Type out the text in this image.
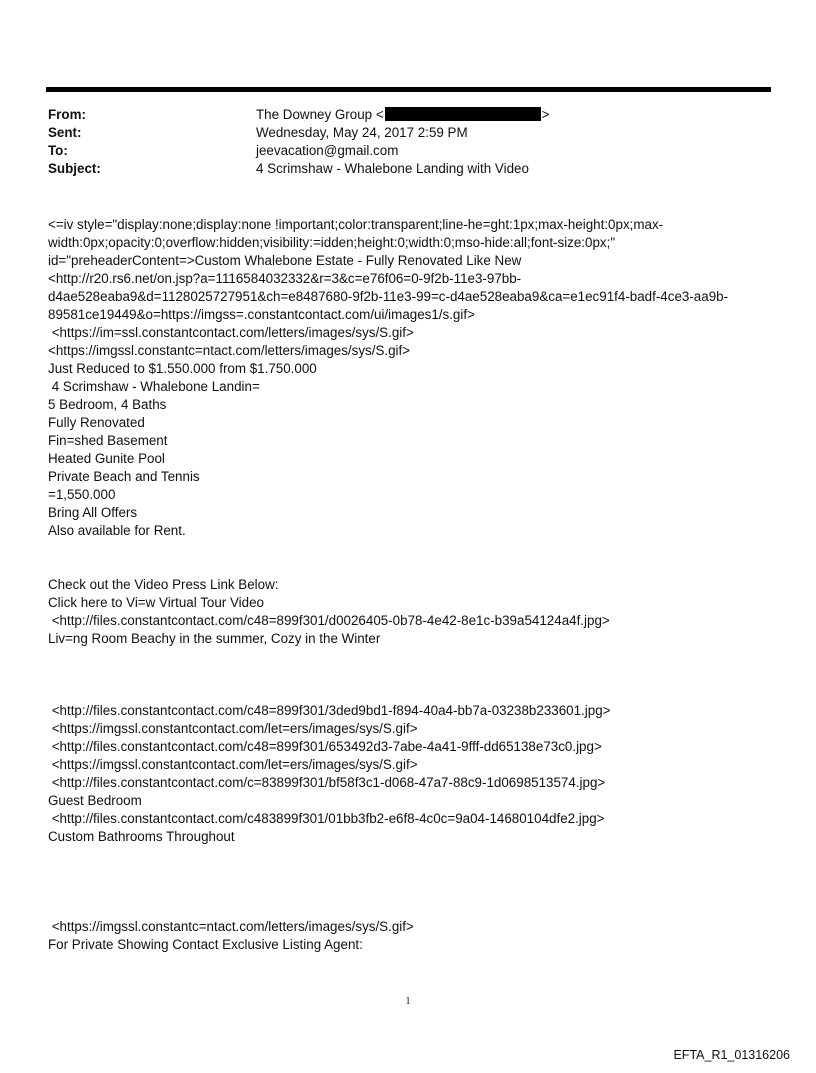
From:	The Downey Group <	>
Sent:	Wednesday, May 24, 2017 2:59 PM
To:	jeevacation@gmail.com
Subject:	4 Scrimshaw - Whalebone Landing with Video

<=iv style="display:none;display:none !important;color:transparent;line-he=ght:1px;max-height:0px;max-

width:0px;opacity:0;overflow:hidden;visibility:=idden;height:0;width:0;mso-hide:all;font-size:0px;"

id="preheaderContent=>Custom Whalebone Estate - Fully Renovated Like New

<http://r20.rs6.net/on.jsp?a=1116584032332&r=3&c=e76f06=0-9f2b-11e3-97bb-

d4ae528eaba9&d=1128025727951&ch=e8487680-9f2b-11e3-99=c-d4ae528eaba9&ca=e1ec91f4-badf-4ce3-aa9b-

89581ce19449&o=https://imgss=.constantcontact.com/ui/images1/s.gif>

<https://im=ssl.constantcontact.com/letters/images/sys/S.gif>

<https://imgssl.constantc=ntact.com/letters/images/sys/S.gif>

Just Reduced to $1.550.000 from $1.750.000

4 Scrimshaw - Whalebone Landin=

5 Bedroom, 4 Baths

Fully Renovated

Fin=shed Basement

Heated Gunite Pool

Private Beach and Tennis

=1,550.000

Bring All Offers

Also available for Rent.

Check out the Video Press Link Below:

Click here to Vi=w Virtual Tour Video

<http://files.constantcontact.com/c48=899f301/d0026405-0b78-4e42-8e1c-b39a54124a4f.jpg>

Liv=ng Room Beachy in the summer, Cozy in the Winter

<http://files.constantcontact.com/c48=899f301/3ded9bd1-f894-40a4-bb7a-03238b233601.jpg>

<https://imgssl.constantcontact.com/let=ers/images/sys/S.gif>

<http://files.constantcontact.com/c48=899f301/653492d3-7abe-4a41-9fff-dd65138e73c0.jpg>

<https://imgssl.constantcontact.com/let=ers/images/sys/S.gif>

<http://files.constantcontact.com/c=83899f301/bf58f3c1-d068-47a7-88c9-1d0698513574.jpg>

Guest Bedroom

<http://files.constantcontact.com/c483899f301/01bb3fb2-e6f8-4c0c=9a04-14680104dfe2.jpg>

Custom Bathrooms Throughout

<https://imgssl.constantc=ntact.com/letters/images/sys/S.gif>

For Private Showing Contact Exclusive Listing Agent:

1
EFTA_R1_01316206
